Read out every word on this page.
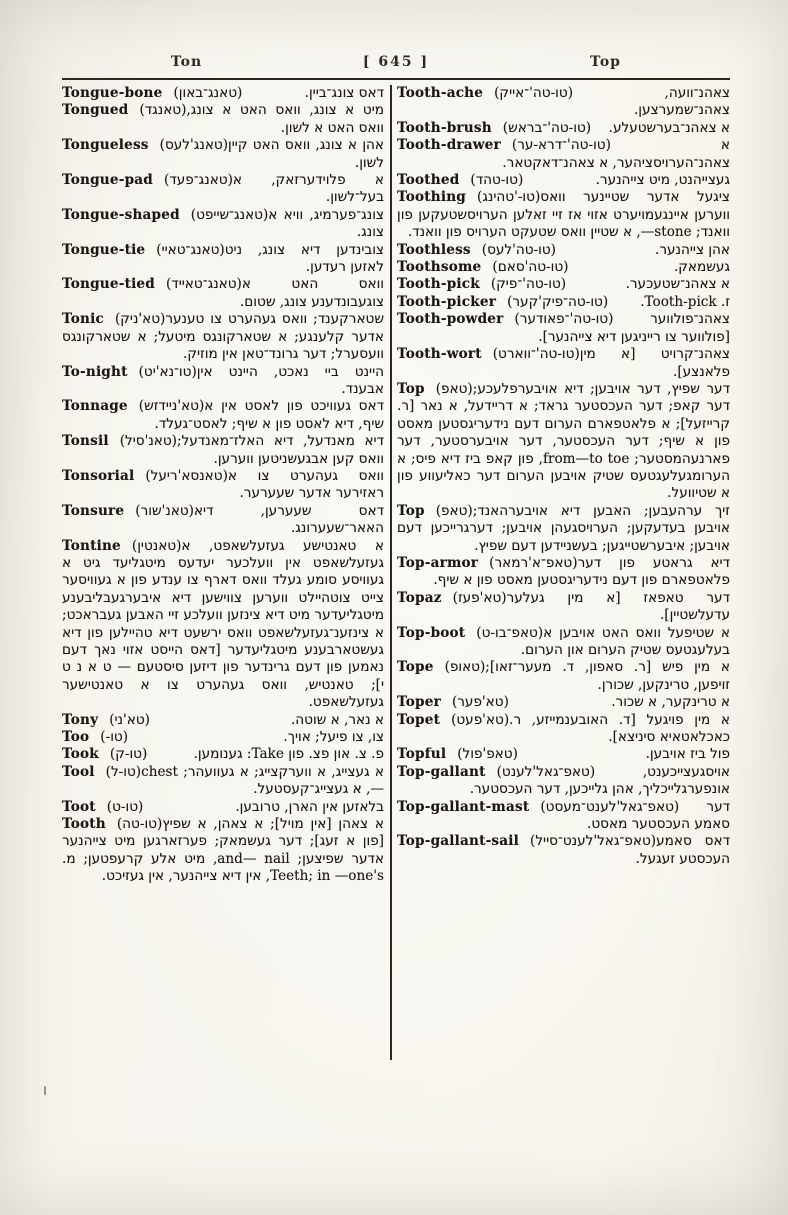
Ton	[ 645 ]	Top
Tongue-bone (טאנג־באון)	דאס צונג־ביין.
Tongued (טאנגד) מיט א צונג, וואס האט א צונג, וואס האט א לשון.
Tongueless (טאנג'לעס) אהן א צונג, וואס האט קיין לשון.
Tongue-pad (טאנג־פעד) א פלוידערזאק, א בעל־לשון.
Tongue-shaped (טאנג־שייפט) צונג־פערמיג, וויא א צונג.
Tongue-tie (טאנג־טאיי) צובינדען דיא צונג, ניט לאזען רעדען.
Tongue-tied (טאנג־טאייד) וואס האט א צוגעבונדענע צונג, שטום.
Tonic (טא'ניק) שטארקענד; וואס געהערט צו טענער אדער קלענגע; א שטארקונגס מיטעל; א שטארקונגס וועסערל; דער גרונד־טאן אין מוזיק.
To-night (טו־נא'יט) היינט ביי נאכט, היינט אין אבענד.
Tonnage (טא'ניידזש) דאס געוויכט פון לאסט אין א שיף, דיא לאסט פון א שיף; לאסט־געלד.
Tonsil (טאנ'סיל) דיא מאנדעל, דיא האלז־מאנדעל; וואס קען אבגעשניטען ווערען.
Tonsorial (טאנסא'ריעל) וואס געהערט צו א ראזירער אדער שעערער.
Tonsure (טאנ'שור) דאס שעערען, דיא האאר־שעערונג.
Tontine (טאנטין) א טאנטישע געזעלשאפט, א געזעלשאפט אין וועלכער יעדעס מיטגליעד גיט א געוויסע סומע געלד וואס דארף צו ענדע פון א געוויסער צייט צוטהיילט ווערען צווישען דיא איבערגעבליבענע מיטגליעדער מיט דיא צינזען וועלכע זיי האבען געבראכט; א צינזענ־געזעלשאפט וואס ירשעט דיא טהיילען פון דיא געשטארבענע מיטגליעדער [דאס הייסט אזוי נאך דעם נאמען פון דעם גרינדער פון דיזען סיסטעם — ט א נ ט י]; טאנטיש, וואס געהערט צו א טאנטישער געזעלשאפט.
Tony (טא'ני)	א נאר, א שוטה.
Too (טו-)	צו, צו פיעל; אויך.
Took (טו-ק)	פ. צ. און פצ. פון Take: גענומען.
Tool (טו-ל) א געצייג, א ווערקצייג; א געוועהר; chest—, א געצייג־קעסטעל.
Toot (טו-ט)	בלאזען אין הארן, טרובען.
Tooth (טו-טה) א צאהן [אין מויל]; א צאהן, א שפיץ [פון א זעג]; דער געשמאק; פערזארגען מיט צייהנער אדער שפיצען; and— nail, מיט אלע קרעפטען; מ. Teeth; in —one's, אין דיא צייהנער, אין געזיכט.
Tooth-ache (טו-טה'־אייק)	צאהנ־וועה, צאהנ־שמערצען.
Tooth-brush (טו-טה'־בראש) א צאהנ־בערשטעלע.
Tooth-drawer (טו-טה'־דרא-ער)	א צאהנ־הערויסציהער, א צאהנ־דאקטאר.
Toothed (טו-טהד)	געצייהנט, מיט צייהנער.
Toothing (טו-'טהינג) ציגעל אדער שטיינער וואס ווערען איינגעמויערט אזוי אז זיי זאלען הערויסשטעקען פון וואנד; stone—, א שטיין וואס שטעקט הערויס פון וואנד.
Toothless (טו-טה'לעס)	אהן צייהנער.
Toothsome (טו-טה'סאם)	געשמאק.
Tooth-pick (טו-טה'־פיק)	א צאהנ־שטעכער.
Tooth-picker (טו-טה־פיק'קער) ז. Tooth-pick.
Tooth-powder (טו-טה'־פאודער)	צאהנ־פולווער [פולווער צו רייניגען דיא צייהנער].
Tooth-wort (טו-טה'־ווארט) צאהנ־קרויט [א מין פלאנצע].
Top (טאפ) דער שפיץ, דער אויבען; דיא אויבערפלעכע; דער קאפ; דער העכסטער גראד; א דריידעל, א נאר [ר. קרייזעל]; א פלאטפארם הערום דעם נידעריגסטען מאסט פון א שיף; דער העכסטער, דער אויבערסטער, דער פארנעהמסטער; from—to toe, פון קאפ ביז דיא פיס; א הערומגעלעגטעס שטיק אויבען הערום דער כאליעווע פון א שטיוועל.
Top (טאפ) זיך ערהעבען; האבען דיא אויבערהאנד; אויבען בעדעקען; הערויסגעהן אויבען; דערגרייכען דעם אויבען; איבערשטייגען; בעשניידען דעם שפיץ.
Top-armor (טאפ־א'רמאר) דיא גראטע פון דער פלאטפארם פון דעם נידעריגסטען מאסט פון א שיף.
Topaz (טא'פעז) דער טאפאז [א מין געלער עדעלשטיין].
Top-boot (טאפ־בו-ט) א שטיפעל וואס האט אויבען א בעלעגטעס שטיק הערום און הערום.
Tope (טאופ) א מין פיש [ר. סאפון, ד. מעער־זאו]; זויפען, טרינקען, שכורן.
Toper (טא'פער)	א טרינקער, א שכור.
Topet (טא'פעט) א מין פויגעל [ד. האובענמייזע, ר. כאכלאטאיא סיניצא].
Topful (טאפ'פול)	פול ביז אויבען.
Top-gallant (טאפ־גאל'לענט)	אויסגעצייכענט, אונפערגלייכליך, אהן גלייכען, דער העכסטער.
Top-gallant-mast (טאפ־גאל'לענט־מעסט) דער סאמע העכסטער מאסט.
Top-gallant-sail (טאפ־גאל'לענט־סייל) דאס סאמע העכסטע זעגעל.
